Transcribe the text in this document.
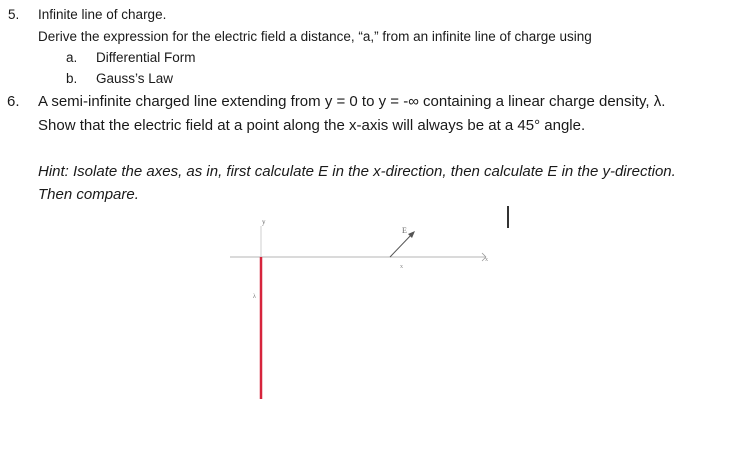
5. Infinite line of charge.
Derive the expression for the electric field a distance, “a,” from an infinite line of charge using
a. Differential Form
b. Gauss’s Law
6. A semi-infinite charged line extending from y = 0 to y = -∞ containing a linear charge density, λ.
Show that the electric field at a point along the x-axis will always be at a 45° angle.
Hint: Isolate the axes, as in, first calculate E in the x-direction, then calculate E in the y-direction.
Then compare.
y
E
x
x
λ
